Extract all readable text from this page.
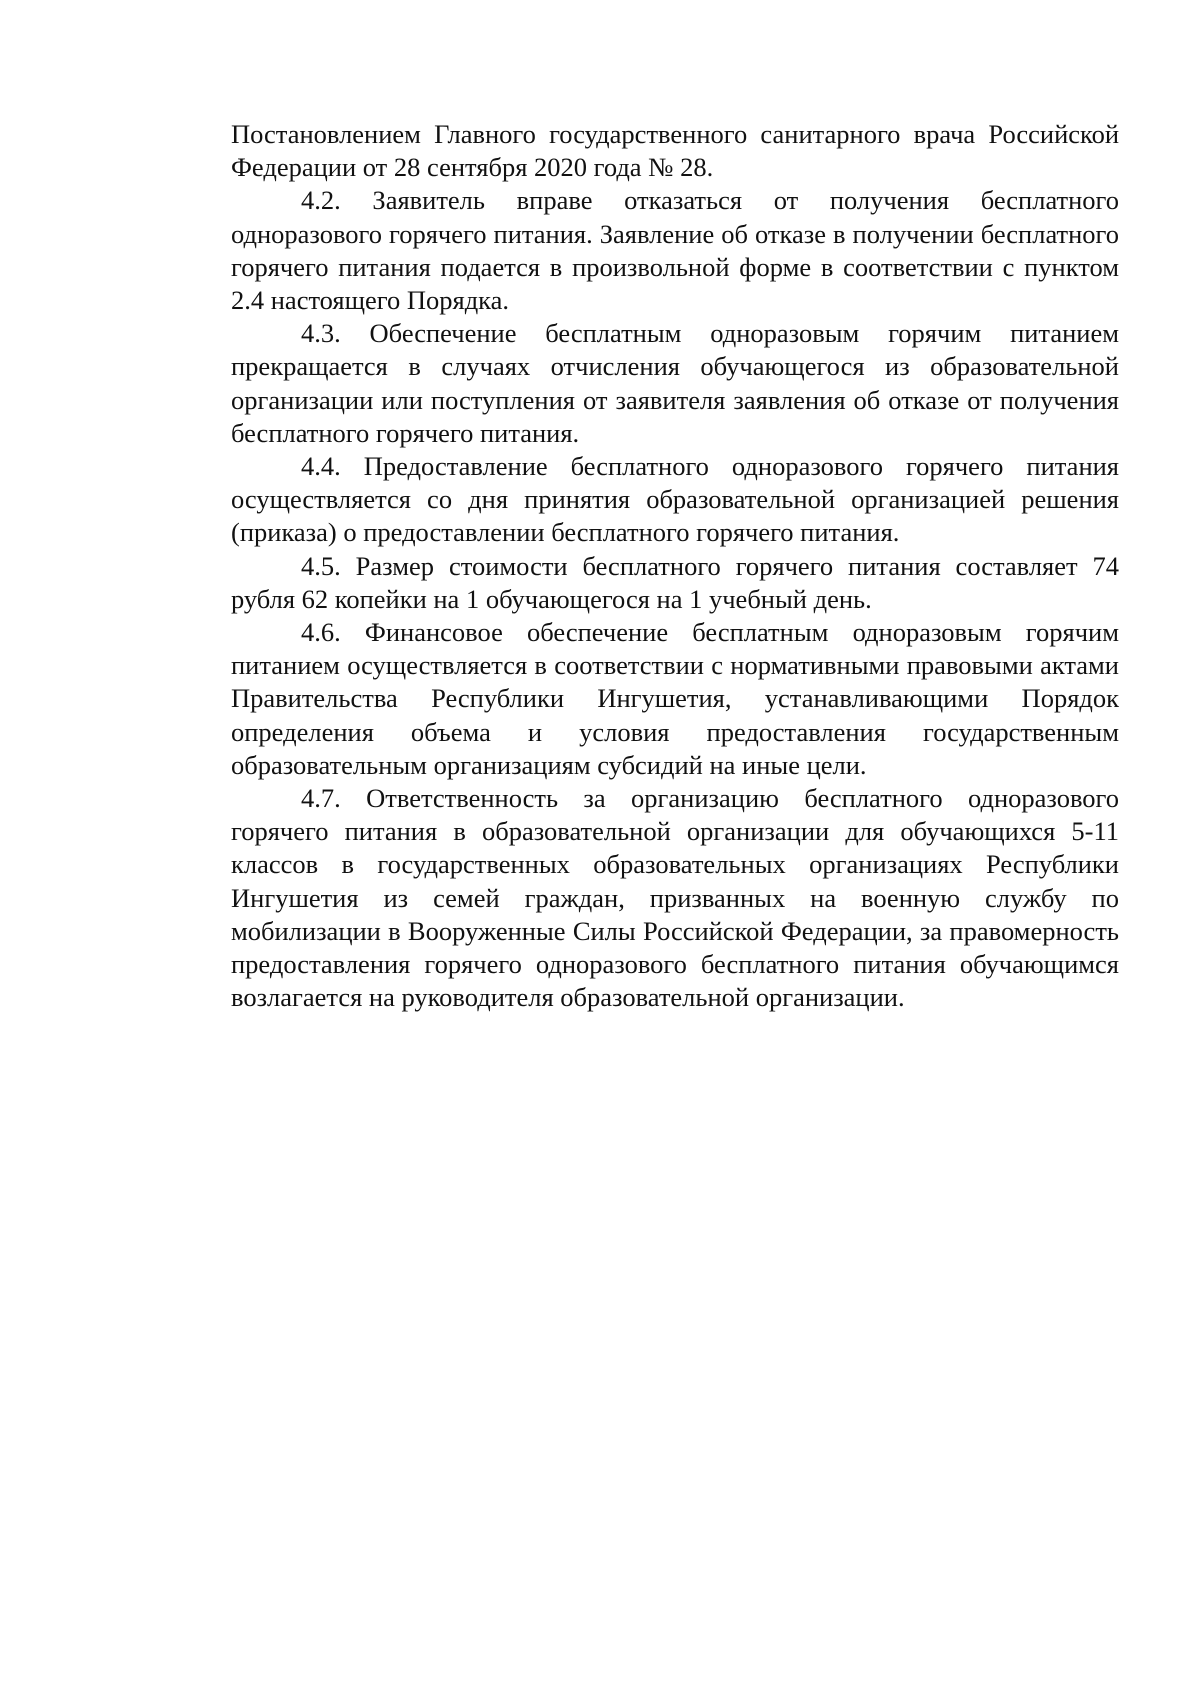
Постановлением Главного государственного санитарного врача Российской Федерации от 28 сентября 2020 года № 28.

4.2. Заявитель вправе отказаться от получения бесплатного одноразового горячего питания. Заявление об отказе в получении бесплатного горячего питания подается в произвольной форме в соответствии с пунктом 2.4 настоящего Порядка.

4.3. Обеспечение бесплатным одноразовым горячим питанием прекращается в случаях отчисления обучающегося из образовательной организации или поступления от заявителя заявления об отказе от получения бесплатного горячего питания.

4.4. Предоставление бесплатного одноразового горячего питания осуществляется со дня принятия образовательной организацией решения (приказа) о предоставлении бесплатного горячего питания.

4.5. Размер стоимости бесплатного горячего питания составляет 74 рубля 62 копейки на 1 обучающегося на 1 учебный день.

4.6. Финансовое обеспечение бесплатным одноразовым горячим питанием осуществляется в соответствии с нормативными правовыми актами Правительства Республики Ингушетия, устанавливающими Порядок определения объема и условия предоставления государственным образовательным организациям субсидий на иные цели.

4.7. Ответственность за организацию бесплатного одноразового горячего питания в образовательной организации для обучающихся 5-11 классов в государственных образовательных организациях Республики Ингушетия из семей граждан, призванных на военную службу по мобилизации в Вооруженные Силы Российской Федерации, за правомерность предоставления горячего одноразового бесплатного питания обучающимся возлагается на руководителя образовательной организации.
